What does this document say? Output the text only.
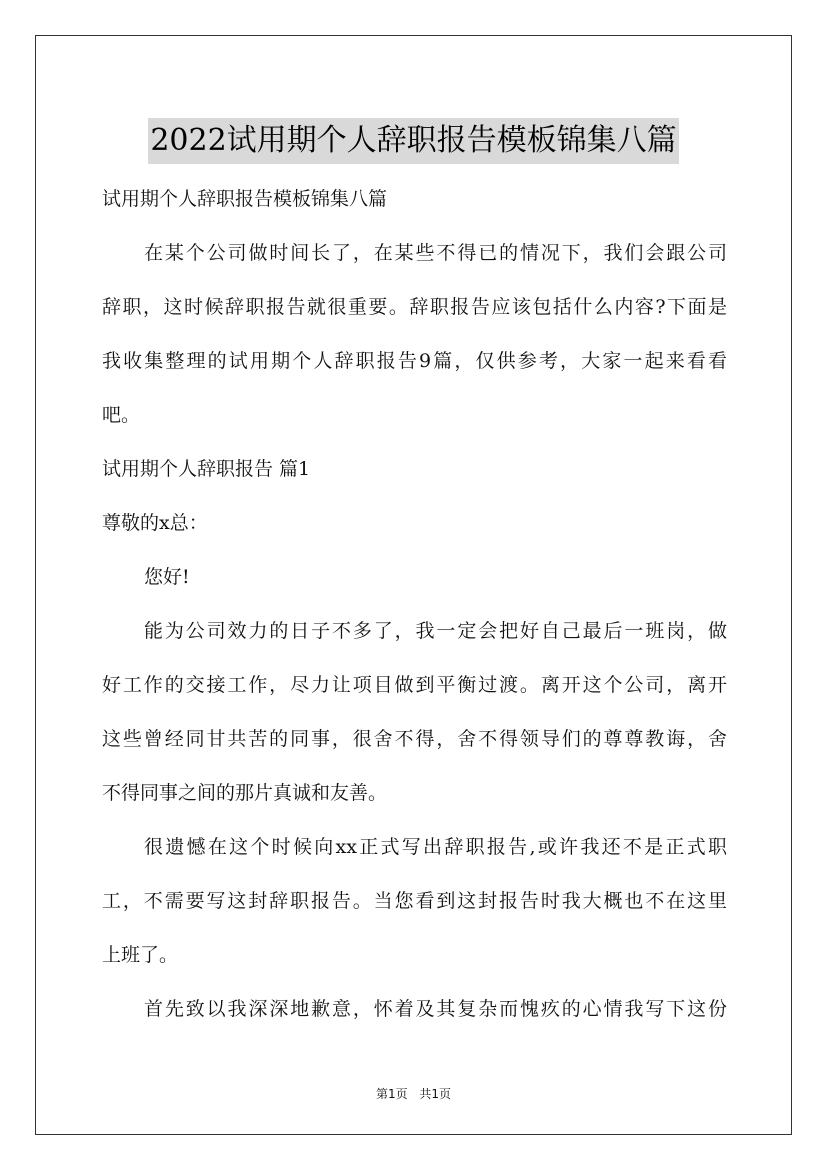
2022试用期个人辞职报告模板锦集八篇
试用期个人辞职报告模板锦集八篇
在某个公司做时间长了，在某些不得已的情况下，我们会跟公司
辞职，这时候辞职报告就很重要。辞职报告应该包括什么内容?下面是
我收集整理的试用期个人辞职报告9篇，仅供参考，大家一起来看看
吧。
试用期个人辞职报告 篇1
尊敬的x总：
您好!
能为公司效力的日子不多了，我一定会把好自己最后一班岗，做
好工作的交接工作，尽力让项目做到平衡过渡。离开这个公司，离开
这些曾经同甘共苦的同事，很舍不得，舍不得领导们的尊尊教诲，舍
不得同事之间的那片真诚和友善。
很遗憾在这个时候向xx正式写出辞职报告,或许我还不是正式职
工，不需要写这封辞职报告。当您看到这封报告时我大概也不在这里
上班了。
首先致以我深深地歉意，怀着及其复杂而愧疚的心情我写下这份
第1页 共1页
